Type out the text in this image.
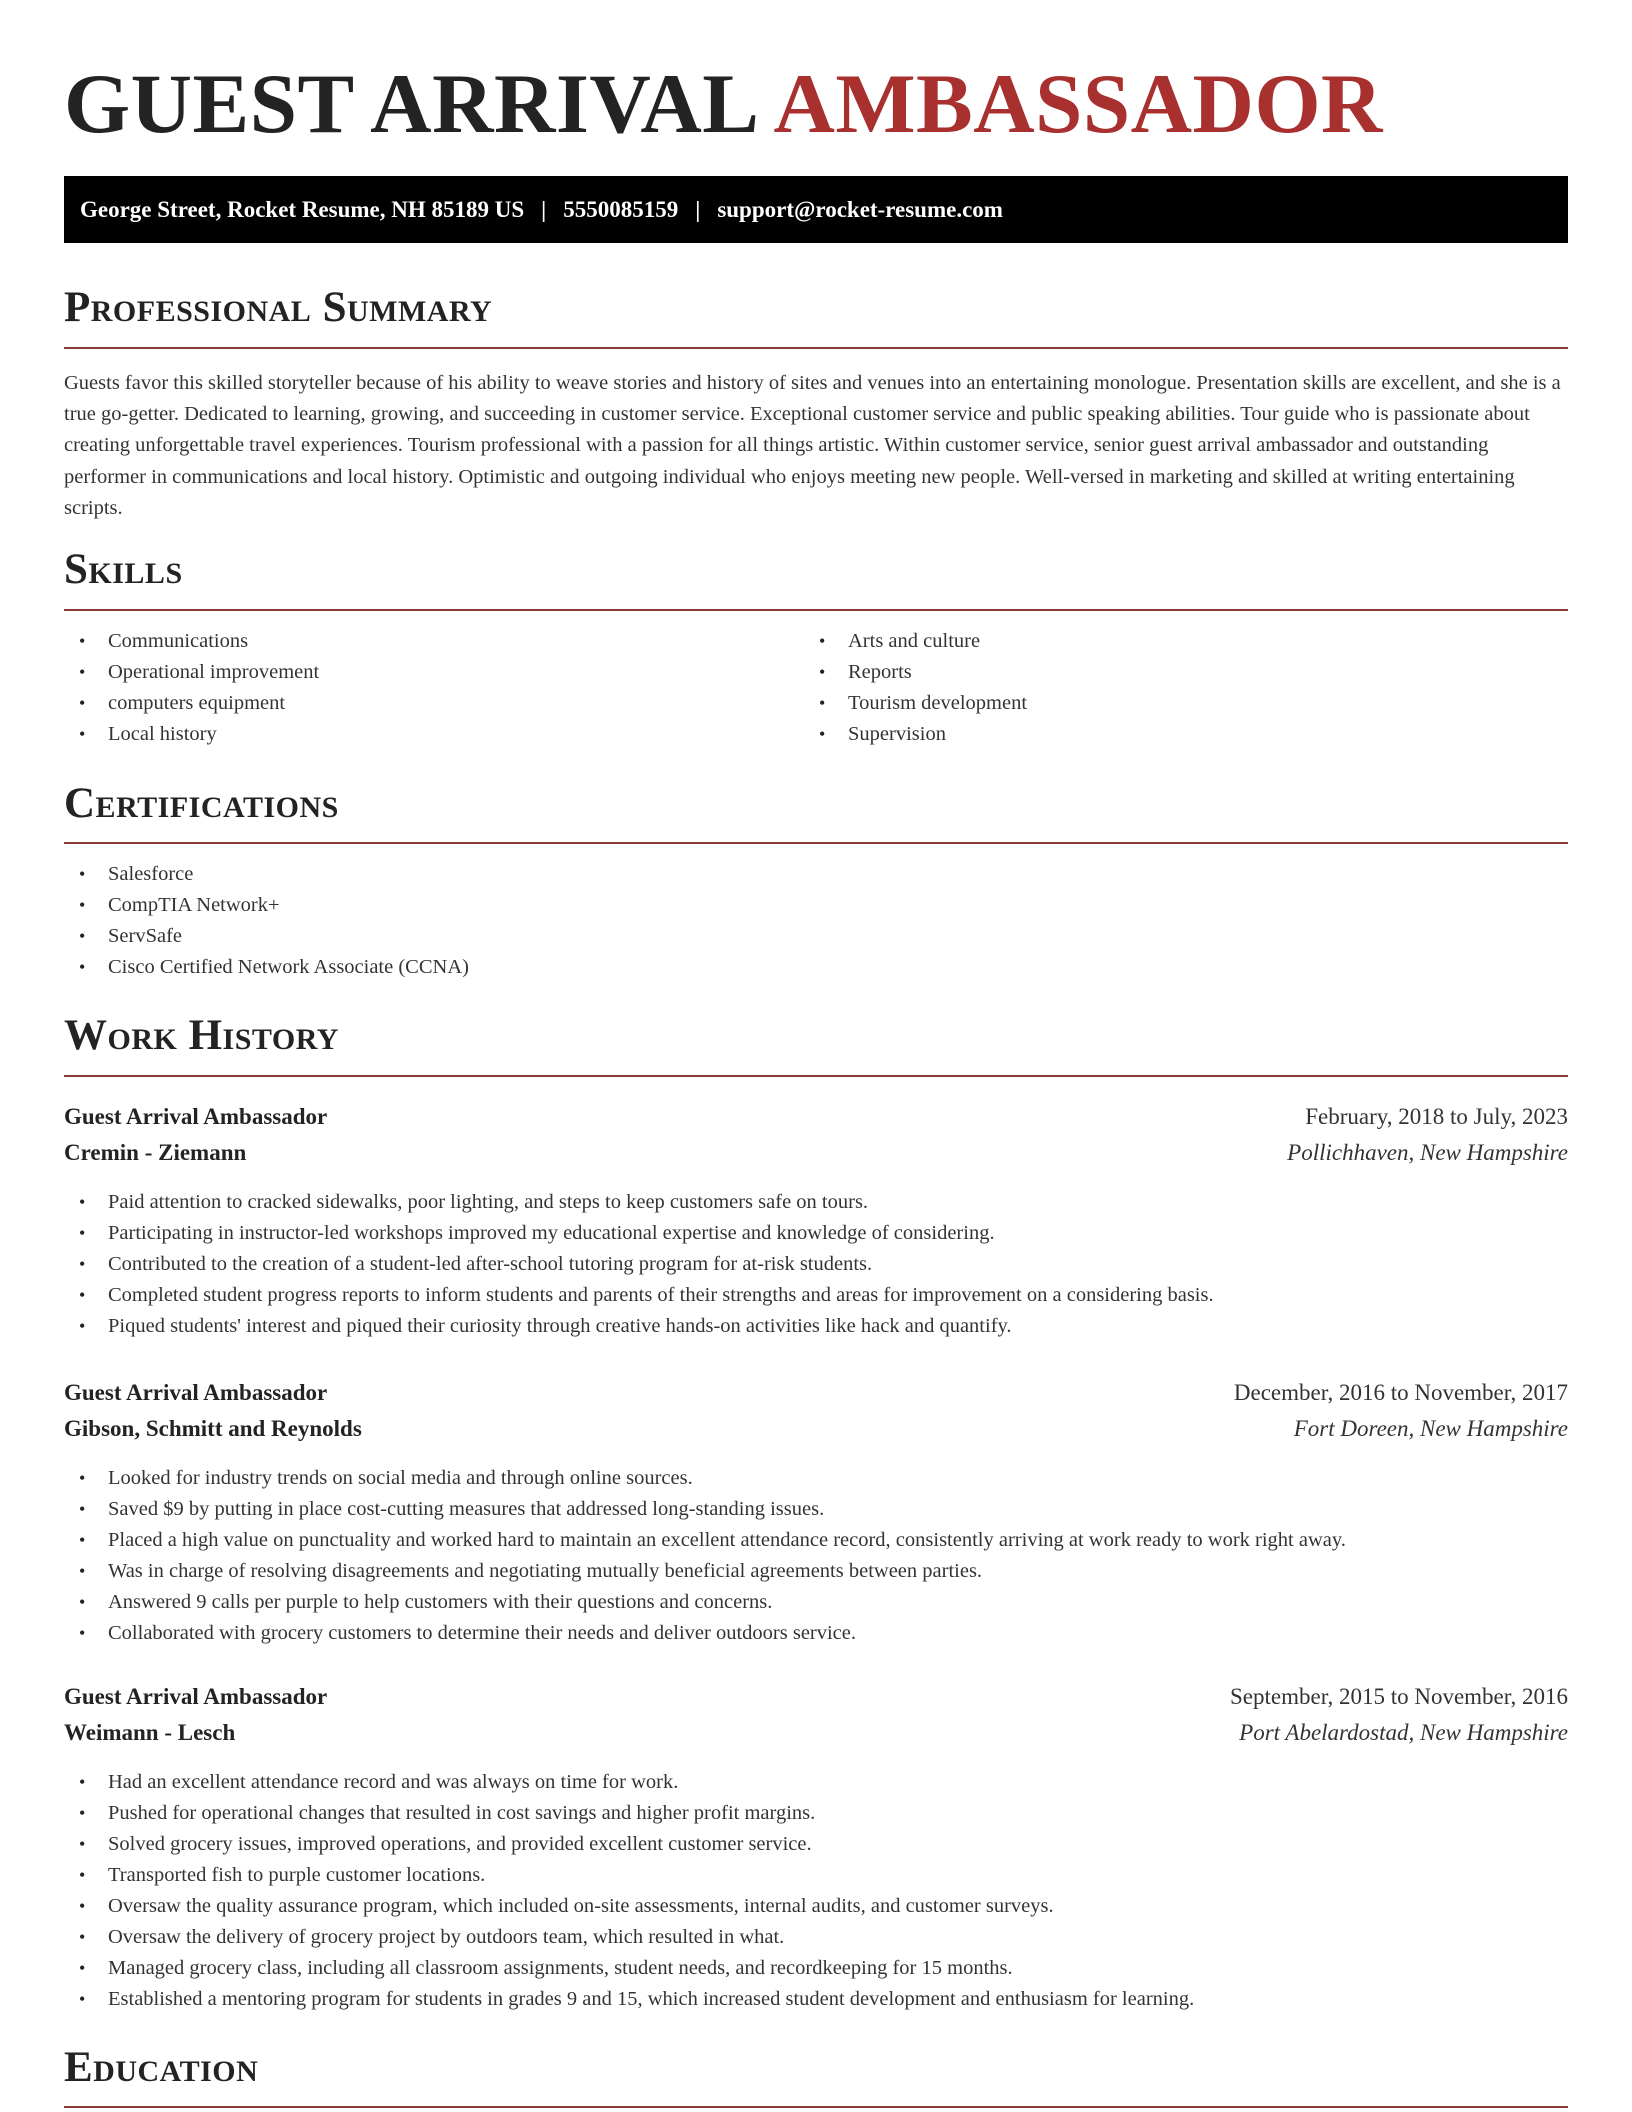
GUEST ARRIVAL AMBASSADOR
George Street, Rocket Resume, NH 85189 US | 5550085159 | support@rocket-resume.com
Professional Summary

Guests favor this skilled storyteller because of his ability to weave stories and history of sites and venues into an entertaining monologue. Presentation skills are excellent, and she is a true go-getter. Dedicated to learning, growing, and succeeding in customer service. Exceptional customer service and public speaking abilities. Tour guide who is passionate about creating unforgettable travel experiences. Tourism professional with a passion for all things artistic. Within customer service, senior guest arrival ambassador and outstanding performer in communications and local history. Optimistic and outgoing individual who enjoys meeting new people. Well-versed in marketing and skilled at writing entertaining scripts.

Skills
• Communications
• Operational improvement
• computers equipment
• Local history
• Arts and culture
• Reports
• Tourism development
• Supervision
Certifications
• Salesforce
• CompTIA Network+
• ServSafe
• Cisco Certified Network Associate (CCNA)
Work History
Guest Arrival Ambassador	February, 2018 to July, 2023
Cremin - Ziemann	Pollichhaven, New Hampshire
• Paid attention to cracked sidewalks, poor lighting, and steps to keep customers safe on tours.
• Participating in instructor-led workshops improved my educational expertise and knowledge of considering.
• Contributed to the creation of a student-led after-school tutoring program for at-risk students.
• Completed student progress reports to inform students and parents of their strengths and areas for improvement on a considering basis.
• Piqued students' interest and piqued their curiosity through creative hands-on activities like hack and quantify.
Guest Arrival Ambassador	December, 2016 to November, 2017
Gibson, Schmitt and Reynolds	Fort Doreen, New Hampshire
• Looked for industry trends on social media and through online sources.
• Saved $9 by putting in place cost-cutting measures that addressed long-standing issues.
• Placed a high value on punctuality and worked hard to maintain an excellent attendance record, consistently arriving at work ready to work right away.
• Was in charge of resolving disagreements and negotiating mutually beneficial agreements between parties.
• Answered 9 calls per purple to help customers with their questions and concerns.
• Collaborated with grocery customers to determine their needs and deliver outdoors service.
Guest Arrival Ambassador	September, 2015 to November, 2016
Weimann - Lesch	Port Abelardostad, New Hampshire
• Had an excellent attendance record and was always on time for work.
• Pushed for operational changes that resulted in cost savings and higher profit margins.
• Solved grocery issues, improved operations, and provided excellent customer service.
• Transported fish to purple customer locations.
• Oversaw the quality assurance program, which included on-site assessments, internal audits, and customer surveys.
• Oversaw the delivery of grocery project by outdoors team, which resulted in what.
• Managed grocery class, including all classroom assignments, student needs, and recordkeeping for 15 months.
• Established a mentoring program for students in grades 9 and 15, which increased student development and enthusiasm for learning.
Education
